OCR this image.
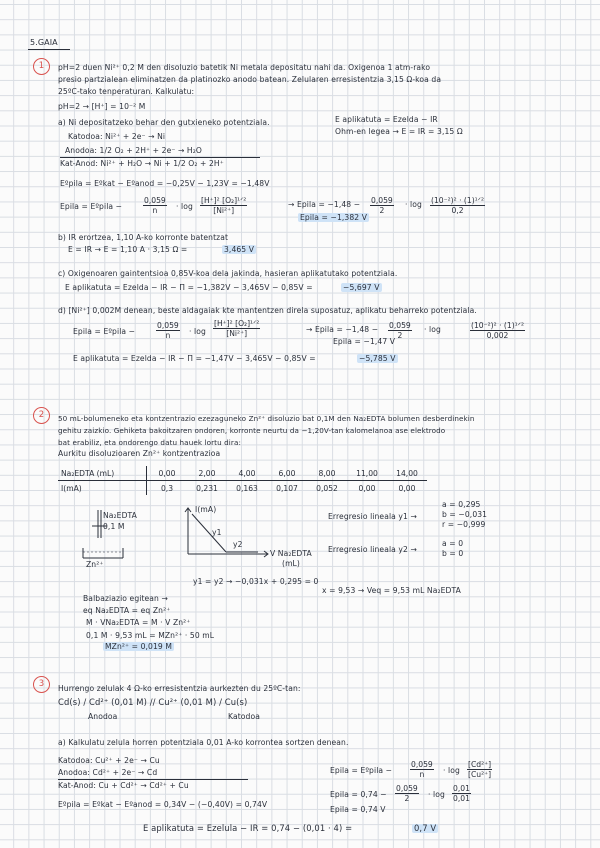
5.GAIA
1	pH=2 duen Ni²⁺ 0,2 M den disoluzio batetik Ni metala depositatu nahi da. Oxigenoa 1 atm-rako
presio partzialean eliminatzen da platinozko anodo batean. Zelularen erresistentzia 3,15 Ω-koa da
25ºC-tako tenperaturan. Kalkulatu:
pH=2 → [H⁺] = 10⁻² M
a) Ni depositatzeko behar den gutxieneko potentziala.	E aplikatuta = Ezelda − IR
Ohm-en legea → E = IR = 3,15 Ω
Katodoa: Ni²⁺ + 2e⁻ → Ni
Anodoa: 1/2 O₂ + 2H⁺ + 2e⁻ → H₂O
Kat-Anod: Ni²⁺ + H₂O → Ni + 1/2 O₂ + 2H⁺
Eºpila = Eºkat − Eºanod = −0,25V − 1,23V = −1,48V
Epila = Eºpila −	$\frac{0,059}{n} \cdot \log$
[H⁺]² [O₂]¹ᐟ²
[Ni²⁺]
→ Epila = $-1,48 - \frac{0,059}{2} \cdot \log (10^{-2})^2$ · (1)¹ᐟ²
0,2
Epila = −1,382 V
b) IR erortzea, 1,10 A-ko korronte batentzat
E = IR → E = 1,10 A · 3,15 Ω =	3,465 V
c) Oxigenoaren gaintentsioa 0,85V-koa dela jakinda, hasieran aplikatutako potentziala.
E aplikatuta = Ezelda − IR − Π = −1,382V − 3,465V − 0,85V =	−5,697 V
d) [Ni²⁺] 0,002M denean, beste aldagaiak kte mantentzen direla suposatuz, aplikatu beharreko potentziala.
Epila = Eºpila −	$\frac{0,059}{n} \cdot \log$
[H⁺]² [O₂]¹ᐟ²
[Ni²⁺]	→ Epila = $-1,48 - \frac{0,059}{2} \cdot \log$	(10⁻²)² · (1)¹ᐟ²
0,002
Epila = −1,47 V
E aplikatuta = Ezelda − IR − Π = −1,47V − 3,465V − 0,85V =	−5,785 V
2	50 mL-bolumeneko eta kontzentrazio ezezaguneko Zn²⁺ disoluzio bat 0,1M den Na₂EDTA bolumen desberdinekin
gehitu zaizkio. Gehiketa bakoitzaren ondoren, korronte neurtu da −1,20V-tan kalomelanoa ase elektrodo
bat erabiliz, eta ondorengo datu hauek lortu dira:
Aurkitu disoluzioaren Zn²⁺ kontzentrazioa
Na₂EDTA (mL)	0,00	2,00	4,00	6,00	8,00	11,00	14,00
I(mA)	0,3	0,231	0,163	0,107	0,052	0,00	0,00
Na₂EDTA
0,1 M
Zn²⁺
I(mA)
y1
y2
V Na₂EDTA
(mL)
Erregresio lineala y1 →
a = 0,295
b = −0,031
r = −0,999
Erregresio lineala y2 →
a = 0
b = 0
y1 = y2 → −0,031x + 0,295 = 0
x = 9,53 → Veq = 9,53 mL Na₂EDTA
Balbaziazio egitean →
eq Na₂EDTA = eq Zn²⁺
M · VNa₂EDTA = M · V Zn²⁺
0,1 M · 9,53 mL = MZn²⁺ · 50 mL
MZn²⁺ = 0,019 M
3	Hurrengo zelulak 4 Ω-ko erresistentzia aurkezten du 25ºC-tan:
Cd(s) / Cd²⁺ (0,01 M) // Cu²⁺ (0,01 M) / Cu(s)
Anodoa	Katodoa
a) Kalkulatu zelula horren potentziala 0,01 A-ko korrontea sortzen denean.
Katodoa: Cu²⁺ + 2e⁻ → Cu
Anodoa: Cd²⁺ + 2e⁻ → Cd
Kat-Anod: Cu + Cd²⁺ → Cd²⁺ + Cu
Eºpila = Eºkat − Eºanod = 0,34V − (−0,40V) = 0,74V
Epila = Eºpila − $\frac{0,059}{n} \cdot \log \frac{\text{[Cd²⁺]}}{\text{[Cu²⁺]}}$
Epila = $0,74 - \frac{0,059}{2} \cdot \log \frac{0,01}{0,01}$
Epila = 0,74 V
E aplikatuta = Ezelula − IR = 0,74 − (0,01 · 4) =	0,7 V
